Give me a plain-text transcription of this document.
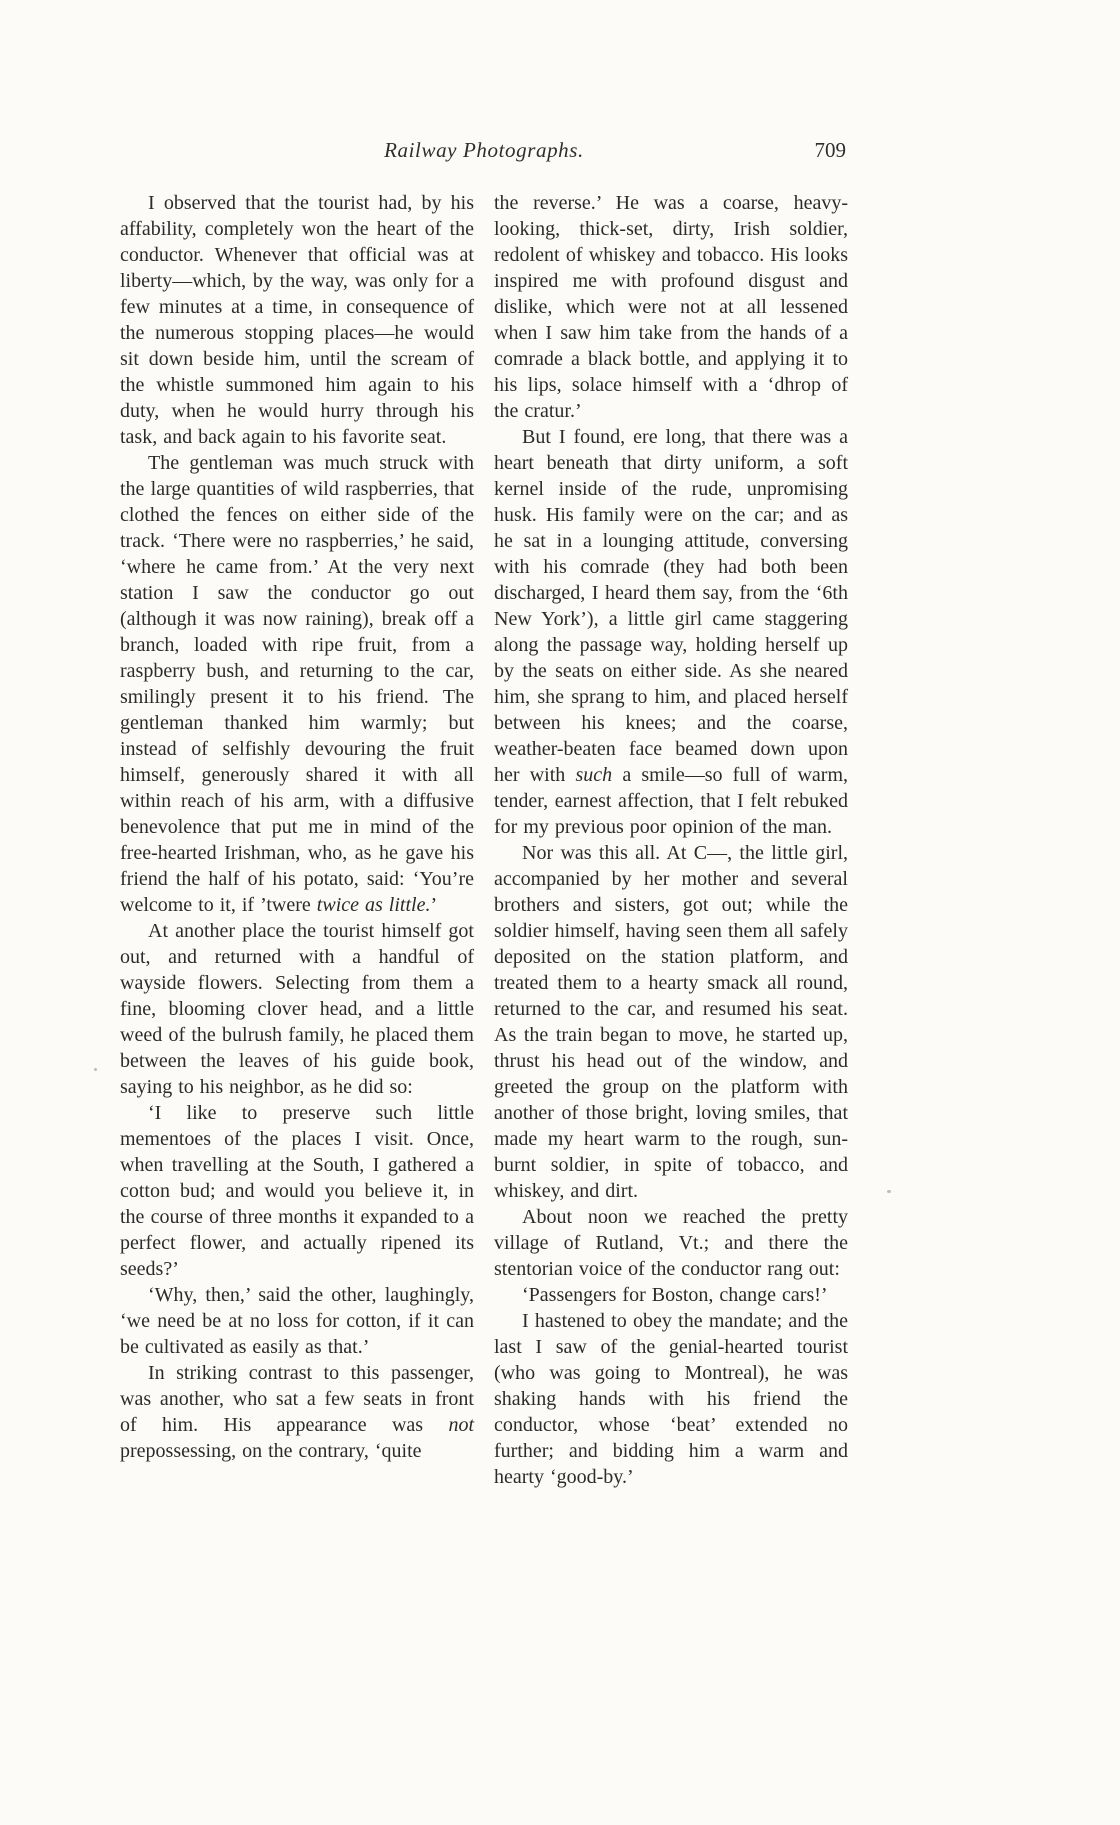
Railway Photographs.	709

I observed that the tourist had, by his affability, completely won the heart of the conductor. Whenever that official was at liberty—which, by the way, was only for a few minutes at a time, in consequence of the numerous stopping places—he would sit down beside him, until the scream of the whistle summoned him again to his duty, when he would hurry through his task, and back again to his favorite seat.

The gentleman was much struck with the large quantities of wild raspberries, that clothed the fences on either side of the track. ‘There were no raspberries,’ he said, ‘where he came from.’ At the very next station I saw the conductor go out (although it was now raining), break off a branch, loaded with ripe fruit, from a raspberry bush, and returning to the car, smilingly present it to his friend. The gentleman thanked him warmly; but instead of selfishly devouring the fruit himself, generously shared it with all within reach of his arm, with a diffusive benevolence that put me in mind of the free-hearted Irishman, who, as he gave his friend the half of his potato, said: ‘You’re welcome to it, if ’twere twice as little.’

At another place the tourist himself got out, and returned with a handful of wayside flowers. Selecting from them a fine, blooming clover head, and a little weed of the bulrush family, he placed them between the leaves of his guide book, saying to his neighbor, as he did so:

‘I like to preserve such little mementoes of the places I visit. Once, when travelling at the South, I gathered a cotton bud; and would you believe it, in the course of three months it expanded to a perfect flower, and actually ripened its seeds?’

‘Why, then,’ said the other, laughingly, ‘we need be at no loss for cotton, if it can be cultivated as easily as that.’

In striking contrast to this passenger, was another, who sat a few seats in front of him. His appearance was not prepossessing, on the contrary, ‘quite

the reverse.’ He was a coarse, heavy-looking, thick-set, dirty, Irish soldier, redolent of whiskey and tobacco. His looks inspired me with profound disgust and dislike, which were not at all lessened when I saw him take from the hands of a comrade a black bottle, and applying it to his lips, solace himself with a ‘dhrop of the cratur.’

But I found, ere long, that there was a heart beneath that dirty uniform, a soft kernel inside of the rude, unpromising husk. His family were on the car; and as he sat in a lounging attitude, conversing with his comrade (they had both been discharged, I heard them say, from the ‘6th New York’), a little girl came staggering along the passage way, holding herself up by the seats on either side. As she neared him, she sprang to him, and placed herself between his knees; and the coarse, weather-beaten face beamed down upon her with such a smile—so full of warm, tender, earnest affection, that I felt rebuked for my previous poor opinion of the man.

Nor was this all. At C—, the little girl, accompanied by her mother and several brothers and sisters, got out; while the soldier himself, having seen them all safely deposited on the station platform, and treated them to a hearty smack all round, returned to the car, and resumed his seat. As the train began to move, he started up, thrust his head out of the window, and greeted the group on the platform with another of those bright, loving smiles, that made my heart warm to the rough, sun-burnt soldier, in spite of tobacco, and whiskey, and dirt.

About noon we reached the pretty village of Rutland, Vt.; and there the stentorian voice of the conductor rang out:

‘Passengers for Boston, change cars!’

I hastened to obey the mandate; and the last I saw of the genial-hearted tourist (who was going to Montreal), he was shaking hands with his friend the conductor, whose ‘beat’ extended no further; and bidding him a warm and hearty ‘good-by.’
